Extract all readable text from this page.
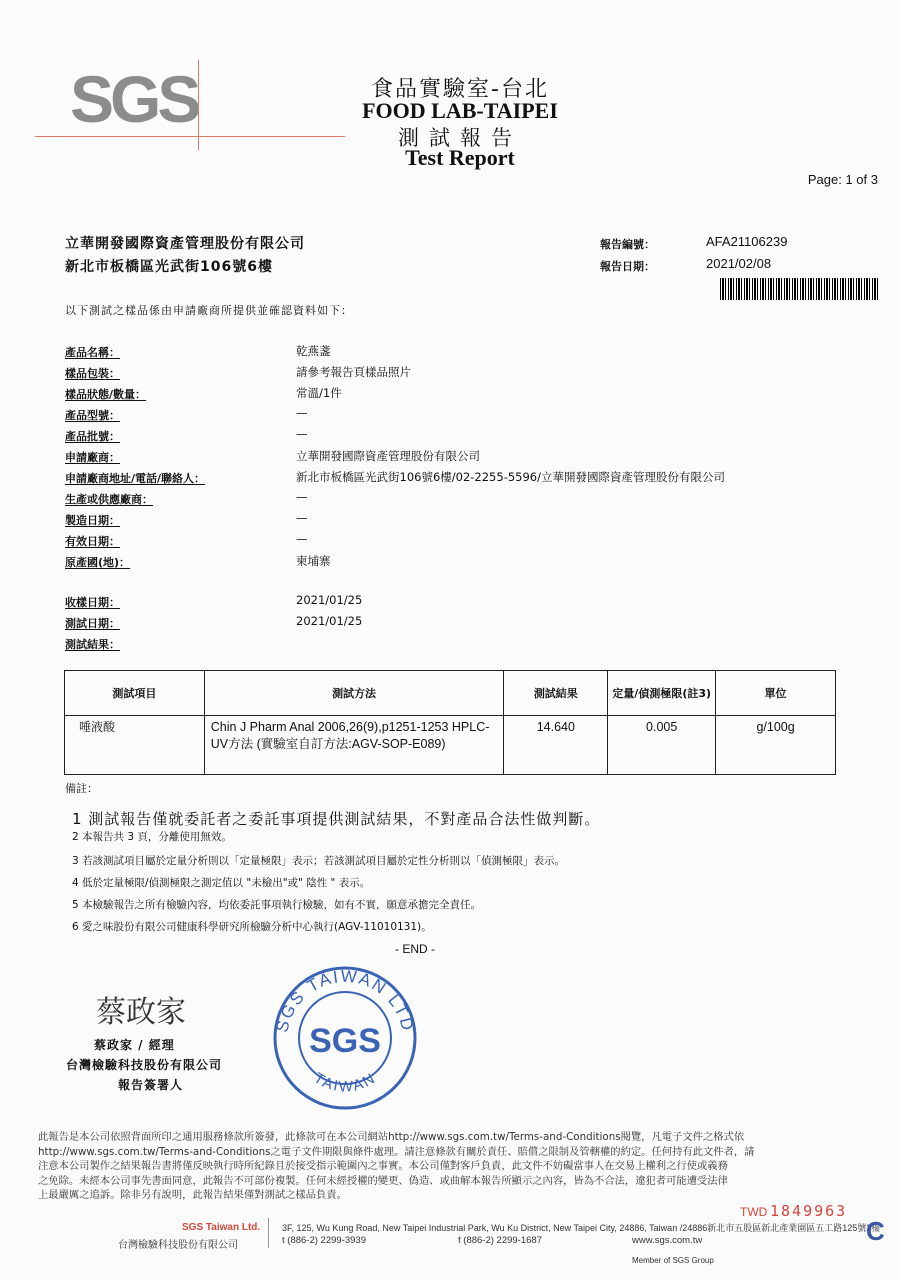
SGS	食品實驗室-台北
FOOD LAB-TAIPEI
測試報告
Test Report
Page: 1 of 3
立華開發國際資產管理股份有限公司
新北市板橋區光武街106號6樓
報告編號：	AFA21106239
報告日期：	2021/02/08
以下測試之樣品係由申請廠商所提供並確認資料如下：
產品名稱：	乾燕盞
樣品包裝：	請參考報告頁樣品照片
樣品狀態/數量：	常溫/1件
產品型號：	—
產品批號：	—
申請廠商：	立華開發國際資產管理股份有限公司
申請廠商地址/電話/聯絡人：	新北市板橋區光武街106號6樓/02-2255-5596/立華開發國際資產管理股份有限公司
生產或供應廠商：	—
製造日期：	—
有效日期：	—
原產國(地)：	柬埔寨
收樣日期：	2021/01/25
測試日期：	2021/01/25
測試結果：
測試項目	測試方法	測試結果	定量/偵測極限(註3)	單位
唾液酸	Chin J Pharm Anal 2006,26(9),p1251-1253 HPLC-UV方法 (實驗室自訂方法:AGV-SOP-E089)	14.640	0.005	g/100g
備註：
1 測試報告僅就委託者之委託事項提供測試結果，不對產品合法性做判斷。
2 本報告共 3 頁，分離使用無效。
3 若該測試項目屬於定量分析則以「定量極限」表示；若該測試項目屬於定性分析則以「偵測極限」表示。
4 低於定量極限/偵測極限之測定值以 "未檢出"或" 陰性 " 表示。
5 本檢驗報告之所有檢驗內容，均依委託事項執行檢驗，如有不實，願意承擔完全責任。
6 愛之味股份有限公司健康科學研究所檢驗分析中心執行(AGV-11010131)。
- END -
蔡政家
蔡政家 / 經理
台灣檢驗科技股份有限公司
報告簽署人
SGS TAIWAN LTD
SGS
TAIWAN
此報告是本公司依照背面所印之通用服務條款所簽發，此條款可在本公司網站http://www.sgs.com.tw/Terms-and-Conditions閱覽，凡電子文件之格式依
http://www.sgs.com.tw/Terms-and-Conditions之電子文件期限與條件處理。請注意條款有關於責任、賠償之限制及管轄權的約定。任何持有此文件者，請
注意本公司製作之結果報告書將僅反映執行時所紀錄且於接受指示範圍內之事實。本公司僅對客戶負責，此文件不妨礙當事人在交易上權利之行使或義務
之免除。未經本公司事先書面同意，此報告不可部份複製。任何未經授權的變更、偽造、或曲解本報告所顯示之內容，皆為不合法，違犯者可能遭受法律
上最嚴厲之追訴。除非另有說明，此報告結果僅對測試之樣品負責。
SGS Taiwan Ltd.
台灣檢驗科技股份有限公司
3F, 125, Wu Kung Road, New Taipei Industrial Park, Wu Ku District, New Taipei City, 24886, Taiwan /24886新北市五股區新北產業園區五工路125號3樓
t (886-2) 2299-3939	f (886-2) 2299-1687	www.sgs.com.tw
TWD 1849963
Member of SGS Group
C
